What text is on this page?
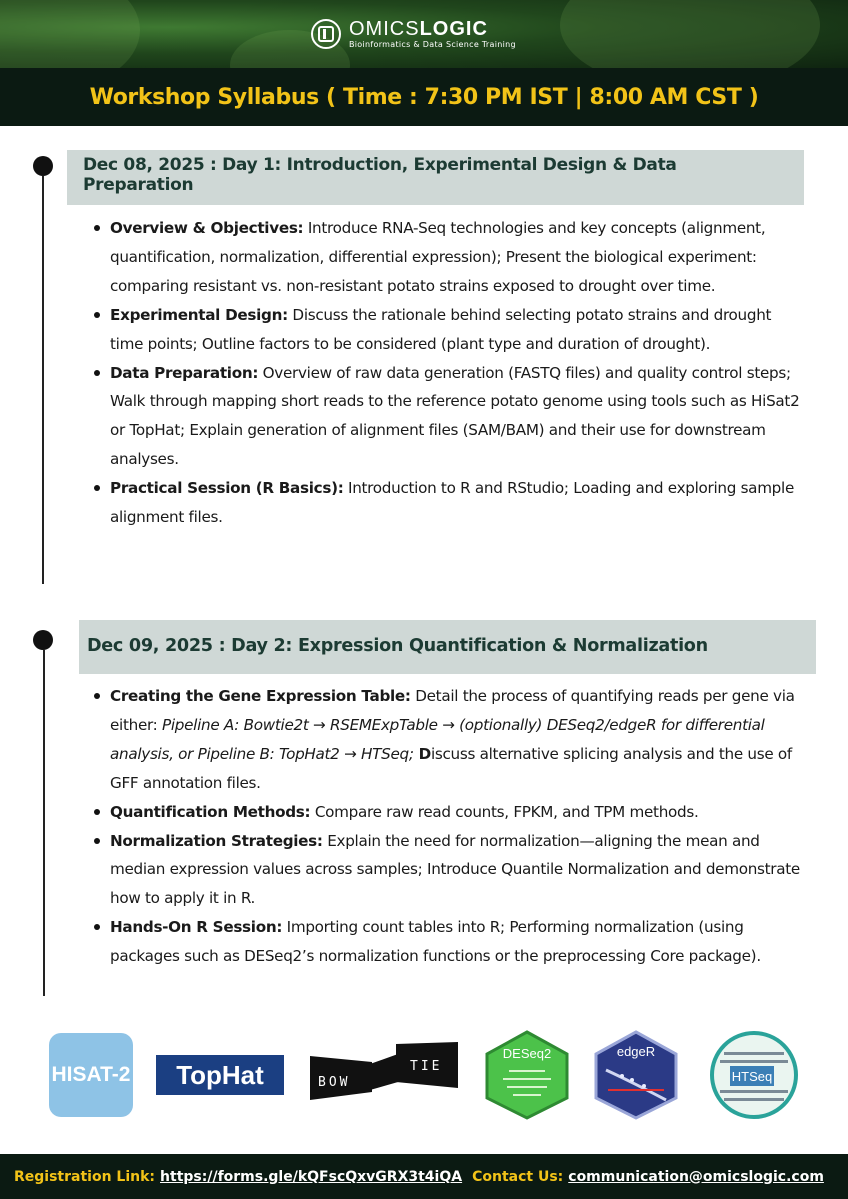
OMICSLOGIC
Bioinformatics & Data Science Training
Workshop Syllabus ( Time : 7:30 PM IST | 8:00 AM CST )
Dec 08, 2025 : Day 1: Introduction, Experimental Design & Data Preparation
Overview & Objectives: Introduce RNA-Seq technologies and key concepts (alignment, quantification, normalization, differential expression); Present the biological experiment: comparing resistant vs. non-resistant potato strains exposed to drought over time.
Experimental Design: Discuss the rationale behind selecting potato strains and drought time points; Outline factors to be considered (plant type and duration of drought).
Data Preparation: Overview of raw data generation (FASTQ files) and quality control steps; Walk through mapping short reads to the reference potato genome using tools such as HiSat2 or TopHat; Explain generation of alignment files (SAM/BAM) and their use for downstream analyses.
Practical Session (R Basics): Introduction to R and RStudio; Loading and exploring sample alignment files.
Dec 09, 2025 : Day 2: Expression Quantification & Normalization
Creating the Gene Expression Table: Detail the process of quantifying reads per gene via either: Pipeline A: Bowtie2t → RSEMExpTable → (optionally) DESeq2/edgeR for differential analysis, or Pipeline B: TopHat2 → HTSeq; Discuss alternative splicing analysis and the use of GFF annotation files.
Quantification Methods: Compare raw read counts, FPKM, and TPM methods.
Normalization Strategies: Explain the need for normalization—aligning the mean and median expression values across samples; Introduce Quantile Normalization and demonstrate how to apply it in R.
Hands-On R Session: Importing count tables into R; Performing normalization (using packages such as DESeq2’s normalization functions or the preprocessing Core package).
HISAT-2	TopHat	BOW
TIE
DESeq2	edgeR
HTSeq
Registration Link: https://forms.gle/kQFscQxvGRX3t4iQA Contact Us: communication@omicslogic.com
